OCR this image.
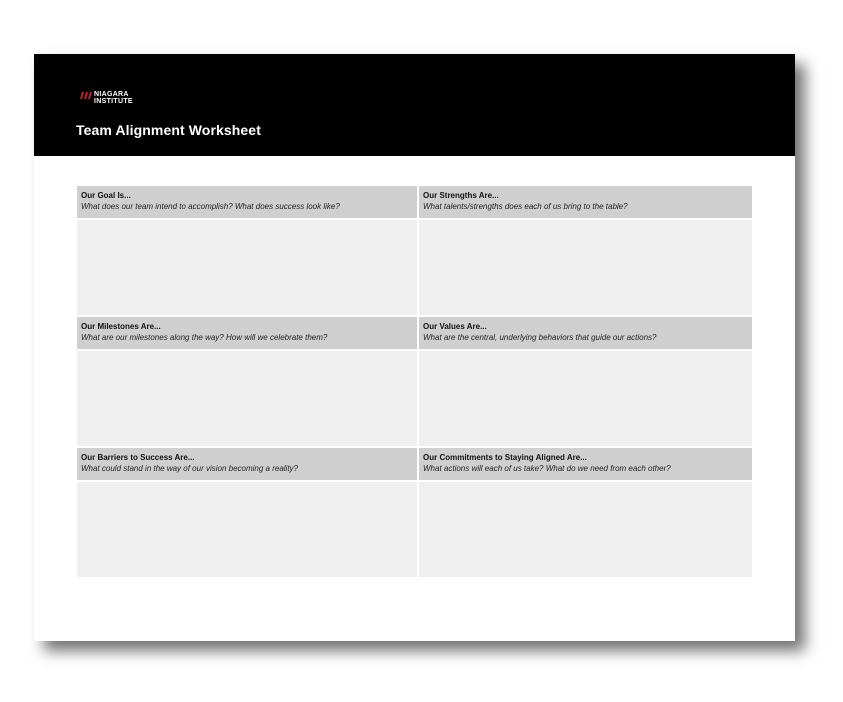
NIAGARA
INSTITUTE
Team Alignment Worksheet
Our Goal Is...
What does our team intend to accomplish? What does success look like?
Our Strengths Are...
What talents/strengths does each of us bring to the table?
Our Milestones Are...
What are our milestones along the way? How will we celebrate them?
Our Values Are...
What are the central, underlying behaviors that guide our actions?
Our Barriers to Success Are...
What could stand in the way of our vision becoming a reality?
Our Commitments to Staying Aligned Are...
What actions will each of us take? What do we need from each other?
